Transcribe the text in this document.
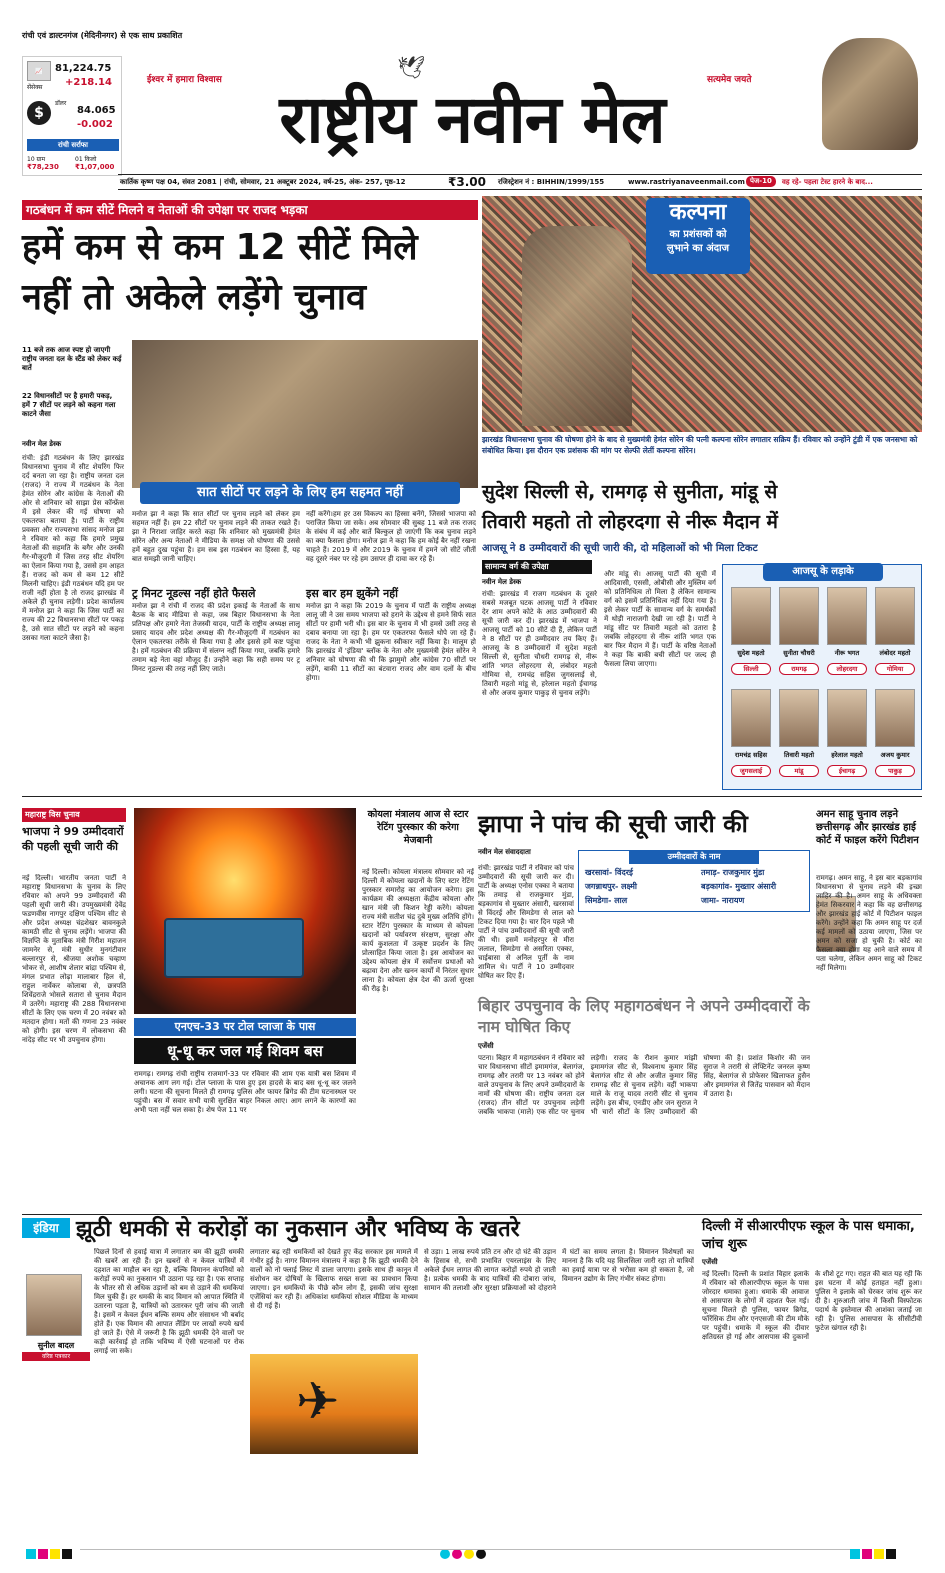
रांची एवं डाल्टनगंज (मेदिनीनगर) से एक साथ प्रकाशित
📈
सेंसेक्स
81,224.75
+218.14
$
डॉलर
84.065
-0.002
रांची सर्राफा
10 ग्राम
₹78,230
01 किलो
₹1,07,000
ईश्वर में हमारा विश्वास	🕊	सत्यमेव जयते
राष्ट्रीय नवीन मेल
कार्तिक कृष्ण पक्ष 04, संवत 2081 | रांची, सोमवार, 21 अक्टूबर 2024, वर्ष-25, अंक- 257, पृष्ठ-12	₹3.00 रजिस्ट्रेशन नं : BIHHIN/1999/155	www.rastriyanaveenmail.com पेज-10	वह रहे- पहला टेस्ट हारने के बाद...
गठबंधन में कम सीटें मिलने व नेताओं की उपेक्षा पर राजद भड़का
हमें कम से कम 12 सीटें मिले
नहीं तो अकेले लड़ेंगे चुनाव
11 बजे तक आज स्पष्ट हो जाएगी राष्ट्रीय जनता दल के स्टैंड को लेकर कई बातें
22 विधानसीटों पर है हमारी पकड़, हमें 7 सीटों पर लड़ने को कहना गला काटने जैसा
नवीन मेल डेस्क
सात सीटों पर लड़ने के लिए हम सहमत नहीं
रांची: इंडी गठबंधन के लिए झारखंड विधानसभा चुनाव में सीट शेयरिंग फिर दर्द बनता जा रहा है। राष्ट्रीय जनता दल (राजद) ने राज्य में गठबंधन के नेता हेमंत सोरेन और कांग्रेस के नेताओं की ओर से शनिवार को साझा प्रेस कॉन्फ्रेंस में इसे लेकर की गई घोषणा को एकतरफा बताया है। पार्टी के राष्ट्रीय प्रवक्ता और राज्यसभा सांसद मनोज झा ने रविवार को कहा कि हमारे प्रमुख नेताओं की सहमति के बगैर और उनकी गैर-मौजूदगी में जिस तरह सीट शेयरिंग का ऐलान किया गया है, उससे हम आहत हैं। राजद को कम से कम 12 सीटें मिलनी चाहिए। इंडी गठबंधन यदि हम पर राजी नहीं होता है तो राजद झारखंड में अकेले ही चुनाव लड़ेगी। प्रदेश कार्यालय में मनोज झा ने कहा कि जिस पार्टी का राज्य की 22 विधानसभा सीटों पर पकड़ है, उसे सात सीटों पर लड़ने को कहना उसका गला काटने जैसा है।
मनोज झा ने कहा कि सात सीटों पर चुनाव लड़ने को लेकर हम सहमत नहीं हैं। हम 22 सीटों पर चुनाव लड़ने की ताकत रखते हैं। झा ने निराशा जाहिर करते कहा कि शनिवार को मुख्यमंत्री हेमंत सोरेन और अन्य नेताओं ने मीडिया के समक्ष जो घोषणा की उससे हमें बहुत दुख पहुंचा है। हम सब इस गठबंधन का हिस्सा हैं, यह बात समझी जानी चाहिए।
नहीं करेंगे।हम हर उस विकल्प का हिस्सा बनेंगे, जिससे भाजपा को पराजित किया जा सके। अब सोमवार की सुबह 11 बजे तक राजद के संबंध में कई और बातें बिल्कुल हो जाएंगी कि कब चुनाव लड़ने का क्या फैसला होगा। मनोज झा ने कहा कि हम कोई बैर नहीं रखना चाहते हैं। 2019 में और 2019 के चुनाव में हमने जो सीटें जीतीं वह दूसरे नंबर पर रहे हम उसपर ही दावा कर रहे हैं।
ट्र मिनट नूडल्स नहीं होते फैसले
मनोज झा ने रांची में राजद की प्रदेश इकाई के नेताओं के साथ बैठक के बाद मीडिया से कहा, जब बिहार विधानसभा के नेता प्रतिपक्ष और हमारे नेता तेजस्वी यादव, पार्टी के राष्ट्रीय अध्यक्ष लालू प्रसाद यादव और प्रदेश अध्यक्ष की गैर-मौजूदगी में गठबंधन का ऐलान एकतरफा तरीके से किया गया है और इससे हमें कष्ट पहुंचा है। हमें गठबंधन की प्रक्रिया में संलग्न नहीं किया गया, जबकि हमारे तमाम बड़े नेता वहां मौजूद हैं। उन्होंने कहा कि सही समय पर ट्र मिनट नूडल्स की तरह नहीं लिए जाते।
इस बार हम झुकेंगे नहीं
मनोज झा ने कहा कि 2019 के चुनाव में पार्टी के राष्ट्रीय अध्यक्ष लालू जी ने उस समय भाजपा को हराने के उद्देश्य से हमने सिर्फ सात सीटों पर हामी भरी थी। इस बार के चुनाव में भी हमसे उसी तरह से दबाव बनाया जा रहा है। हम पर एकतरफा फैसले थोपे जा रहे हैं। राजद के नेता ने कभी भी झुकना स्वीकार नहीं किया है। मालूम हो कि झारखंड में 'इंडिया' ब्लॉक के नेता और मुख्यमंत्री हेमंत सोरेन ने शनिवार को घोषणा की थी कि झामुमो और कांग्रेस 70 सीटों पर लड़ेंगे, बाकी 11 सीटों का बंटवारा राजद और वाम दलों के बीच होगा।
कल्पना
का प्रशंसकों को
लुभाने का अंदाज
झारखंड विधानसभा चुनाव की घोषणा होने के बाद से मुख्यमंत्री हेमंत सोरेन की पत्नी कल्पना सोरेन लगातार सक्रिय हैं। रविवार को उन्होंने टुंडी में एक जनसभा को संबोधित किया। इस दौरान एक प्रशंसक की मांग पर सेल्फी लेतीं कल्पना सोरेन।
सुदेश सिल्ली से, रामगढ़ से सुनीता, मांडू से
तिवारी महतो तो लोहरदगा से नीरू मैदान में
आजसू ने 8 उम्मीदवारों की सूची जारी की, दो महिलाओं को भी मिला टिकट
सामान्य वर्ग की उपेक्षा
नवीन मेल डेस्क
रांची: झारखंड में राजग गठबंधन के दूसरे सबसे मजबूत घटक आजसू पार्टी ने रविवार देर शाम अपने कोटे के आठ उम्मीदवारों की सूची जारी कर दी। झारखंड में भाजपा ने आजसू पार्टी को 10 सीटें दी हैं, लेकिन पार्टी ने 8 सीटों पर ही उम्मीदवार तय किए हैं। आजसू के 8 उम्मीदवारों में सुदेश महतो सिल्ली से, सुनीता चौधरी रामगढ़ से, नीरू शांति भगत लोहरदगा से, लंबोदर महतो गोमिया से, रामचंद्र सहिस जुगसलाई से, तिवारी महतो मांडू से, हरेलाल महतो ईचागढ़ से और अजय कुमार पाकुड़ से चुनाव लड़ेंगे।
और मांडू से। आजसू पार्टी की सूची में आदिवासी, एससी, ओबीसी और मुस्लिम वर्ग को प्रतिनिधित्व तो मिला है लेकिन सामान्य वर्ग को इसमें प्रतिनिधित्व नहीं दिया गया है। इसे लेकर पार्टी के सामान्य वर्ग के समर्थकों में थोड़ी नाराजगी देखी जा रही है। पार्टी ने मांडू सीट पर तिवारी महतो को उतारा है जबकि लोहरदगा से नीरू शांति भगत एक बार फिर मैदान में हैं। पार्टी के वरिष्ठ नेताओं ने कहा कि बाकी बची सीटों पर जल्द ही फैसला लिया जाएगा।
आजसू के लड़ाके
सुदेश महतो
सिल्ली
सुनीता चौधरी
रामगढ़
नीरू भगत
लोहरदगा
लंबोदर महतो
गोमिया
रामचंद्र सहिस
जुगसलाई
तिवारी महतो
मांडू
हरेलाल महतो
ईचागढ़
अजय कुमार
पाकुड़
महाराष्ट्र विस चुनाव
भाजपा ने 99 उम्मीदवारों की पहली सूची जारी की
नई दिल्ली। भारतीय जनता पार्टी ने महाराष्ट्र विधानसभा के चुनाव के लिए रविवार को अपने 99 उम्मीदवारों की पहली सूची जारी की। उपमुख्यमंत्री देवेंद्र फडणवीस नागपुर दक्षिण पश्चिम सीट से और प्रदेश अध्यक्ष चंद्रशेखर बावनकुले कामठी सीट से चुनाव लड़ेंगे। भाजपा की विज्ञप्ति के मुताबिक मंत्री गिरीश महाजन जामनेर से, मंत्री सुधीर मुनगंटीवार बल्लारपुर से, श्रीजया अशोक चव्हाण भोकर से, आशीष शेलार बांद्रा पश्चिम से, मंगल प्रभात लोढ़ा मालाबार हिल से, राहुल नार्वेकर कोलाबा से, छत्रपति शिवेंद्रराजे भोसले सतारा से चुनाव मैदान में उतरेंगे। महाराष्ट्र की 288 विधानसभा सीटों के लिए एक चरण में 20 नवंबर को मतदान होगा। मतों की गणना 23 नवंबर को होगी। इस चरण में लोकसभा की नांदेड़ सीट पर भी उपचुनाव होगा।
एनएच-33 पर टोल प्लाजा के पास
धू-धू कर जल गई शिवम बस
रामगढ़। रामगढ़ रांची राष्ट्रीय राजमार्ग-33 पर रविवार की शाम एक यात्री बस शिवम में अचानक आग लग गई। टोल प्लाजा के पास हुए इस हादसे के बाद बस धू-धू कर जलने लगी। घटना की सूचना मिलते ही रामगढ़ पुलिस और फायर ब्रिगेड की टीम घटनास्थल पर पहुंची। बस में सवार सभी यात्री सुरक्षित बाहर निकल आए। आग लगने के कारणों का अभी पता नहीं चल सका है। शेष पेज 11 पर
कोयला मंत्रालय आज से स्टार रेटिंग पुरस्कार की करेगा मेजबानी
नई दिल्ली। कोयला मंत्रालय सोमवार को नई दिल्ली में कोयला खदानों के लिए स्टार रेटिंग पुरस्कार समारोह का आयोजन करेगा। इस कार्यक्रम की अध्यक्षता केंद्रीय कोयला और खान मंत्री जी किशन रेड्डी करेंगे। कोयला राज्य मंत्री सतीश चंद्र दुबे मुख्य अतिथि होंगे। स्टार रेटिंग पुरस्कार के माध्यम से कोयला खदानों को पर्यावरण संरक्षण, सुरक्षा और कार्य कुशलता में उत्कृष्ट प्रदर्शन के लिए प्रोत्साहित किया जाता है। इस आयोजन का उद्देश्य कोयला क्षेत्र में सर्वोत्तम प्रथाओं को बढ़ावा देना और खनन कार्यों में निरंतर सुधार लाना है। कोयला क्षेत्र देश की ऊर्जा सुरक्षा की रीढ़ है।
झापा ने पांच की सूची जारी की
नवीन मेल संवाददाता	उम्मीदवारों के नाम
खरसावां- विंदरई	तमाड़- राजकुमार मुंडा
जगन्नाथपुर- लक्ष्मी	बड़कागांव- मुख्तार अंसारी
सिमडेगा- लाल	जामा- नारायण
रांची: झारखंड पार्टी ने रविवार को पांच उम्मीदवारों की सूची जारी कर दी। पार्टी के अध्यक्ष एनोस एक्का ने बताया कि तमाड़ से राजकुमार मुंडा, बड़कागांव से मुख्तार अंसारी, खरसावां से विंदरई और सिमडेगा से लाल को टिकट दिया गया है। चार दिन पहले भी पार्टी ने पांच उम्मीदवारों की सूची जारी की थी। इसमें मनोहरपुर से मीरा जलाल, सिमडेगा से असरिता एक्का, चाईबासा से अनिल पूर्ती के नाम शामिल थे। पार्टी ने 10 उम्मीदवार घोषित कर दिए हैं।
बिहार उपचुनाव के लिए महागठबंधन ने अपने उम्मीदवारों के नाम घोषित किए
एजेंसी
पटना। बिहार में महागठबंधन ने रविवार को चार विधानसभा सीटों इमामगंज, बेलागंज, रामगढ़ और तरारी पर 13 नवंबर को होने वाले उपचुनाव के लिए अपने उम्मीदवारों के नामों की घोषणा की। राष्ट्रीय जनता दल (राजद) तीन सीटों पर उपचुनाव लड़ेगी जबकि भाकपा (माले) एक सीट पर चुनाव लड़ेगी। राजद के रौशन कुमार मांझी इमामगंज सीट से, विश्वनाथ कुमार सिंह बेलागंज सीट से और अजीत कुमार सिंह रामगढ़ सीट से चुनाव लड़ेंगे। वहीं भाकपा माले के राजू यादव तरारी सीट से चुनाव लड़ेंगे। इस बीच, एनडीए और जन सुराज ने भी चारों सीटों के लिए उम्मीदवारों की घोषणा की है। प्रशांत किशोर की जन सुराज ने तरारी से लेफ्टिनेंट जनरल कृष्ण सिंह, बेलागंज से प्रोफेसर खिलाफत हुसैन और इमामगंज से जितेंद्र पासवान को मैदान में उतारा है।
अमन साहू चुनाव लड़ने छत्तीसगढ़ और झारखंड हाई कोर्ट में फाइल करेंगे पिटीशन
रामगढ़। अमन साहू, ने इस बार बड़कागांव विधानसभा से चुनाव लड़ने की इच्छा जाहिर की है। अमन साहू के अधिवक्ता हेमंत सिकरवार ने कहा कि वह छत्तीसगढ़ और झारखंड हाई कोर्ट में पिटीशन फाइल करेंगे। उन्होंने कहा कि अमन साहू पर दर्ज कई मामलों को उठाया जाएगा, जिस पर अमन को सजा हो चुकी है। कोर्ट का फैसला क्या होगा यह आने वाले समय में पता चलेगा, लेकिन अमन साहू को टिकट नहीं मिलेगा।
इंडिया झूठी धमकी से करोड़ों का नुकसान और भविष्य के खतरे
सुनील बादल
वरिष्ठ पत्रकार
पिछले दिनों से हवाई यात्रा में लगातार बम की झूठी धमकी की खबरें आ रही हैं। इन खबरों से न केवल यात्रियों में दहशत का माहौल बन रहा है, बल्कि विमानन कंपनियों को करोड़ों रुपये का नुकसान भी उठाना पड़ रहा है। एक सप्ताह के भीतर सौ से अधिक उड़ानों को बम से उड़ाने की धमकियां मिल चुकी हैं। हर धमकी के बाद विमान को आपात स्थिति में उतारना पड़ता है, यात्रियों को उतारकर पूरी जांच की जाती है। इसमें न केवल ईंधन बल्कि समय और संसाधन भी बर्बाद होते हैं। एक विमान की आपात लैंडिंग पर लाखों रुपये खर्च हो जाते हैं। ऐसे में जरूरी है कि झूठी धमकी देने वालों पर कड़ी कार्रवाई हो ताकि भविष्य में ऐसी घटनाओं पर रोक लगाई जा सके।
लगातार बढ़ रही धमकियों को देखते हुए केंद्र सरकार इस मामले में गंभीर हुई है। नागर विमानन मंत्रालय ने कहा है कि झूठी धमकी देने वालों को नो फ्लाई लिस्ट में डाला जाएगा। इसके साथ ही कानून में संशोधन कर दोषियों के खिलाफ सख्त सजा का प्रावधान किया जाएगा। इन धमकियों के पीछे कौन लोग हैं, इसकी जांच सुरक्षा एजेंसियां कर रही हैं। अधिकांश धमकियां सोशल मीडिया के माध्यम से दी गई हैं।
✈
से उड़ा। 1 लाख रुपये प्रति टन और दो घंटे की उड़ान के हिसाब से, सभी प्रभावित एयरलाइंस के लिए अकेले ईंधन लागत की लागत करोड़ों रुपये हो जाती है। प्रत्येक धमकी के बाद यात्रियों की दोबारा जांच, सामान की तलाशी और सुरक्षा प्रक्रियाओं को दोहराने में घंटों का समय लगता है। विमानन विशेषज्ञों का मानना है कि यदि यह सिलसिला जारी रहा तो यात्रियों का हवाई यात्रा पर से भरोसा कम हो सकता है, जो विमानन उद्योग के लिए गंभीर संकट होगा।
दिल्ली में सीआरपीएफ स्कूल के पास धमाका, जांच शुरू
एजेंसी
नई दिल्ली। दिल्ली के प्रशांत विहार इलाके में रविवार को सीआरपीएफ स्कूल के पास जोरदार धमाका हुआ। धमाके की आवाज से आसपास के लोगों में दहशत फैल गई। सूचना मिलते ही पुलिस, फायर ब्रिगेड, फॉरेंसिक टीम और एनएसजी की टीम मौके पर पहुंची। धमाके में स्कूल की दीवार क्षतिग्रस्त हो गई और आसपास की दुकानों के शीशे टूट गए। राहत की बात यह रही कि इस घटना में कोई हताहत नहीं हुआ। पुलिस ने इलाके को घेरकर जांच शुरू कर दी है। शुरुआती जांच में किसी विस्फोटक पदार्थ के इस्तेमाल की आशंका जताई जा रही है। पुलिस आसपास के सीसीटीवी फुटेज खंगाल रही है।
